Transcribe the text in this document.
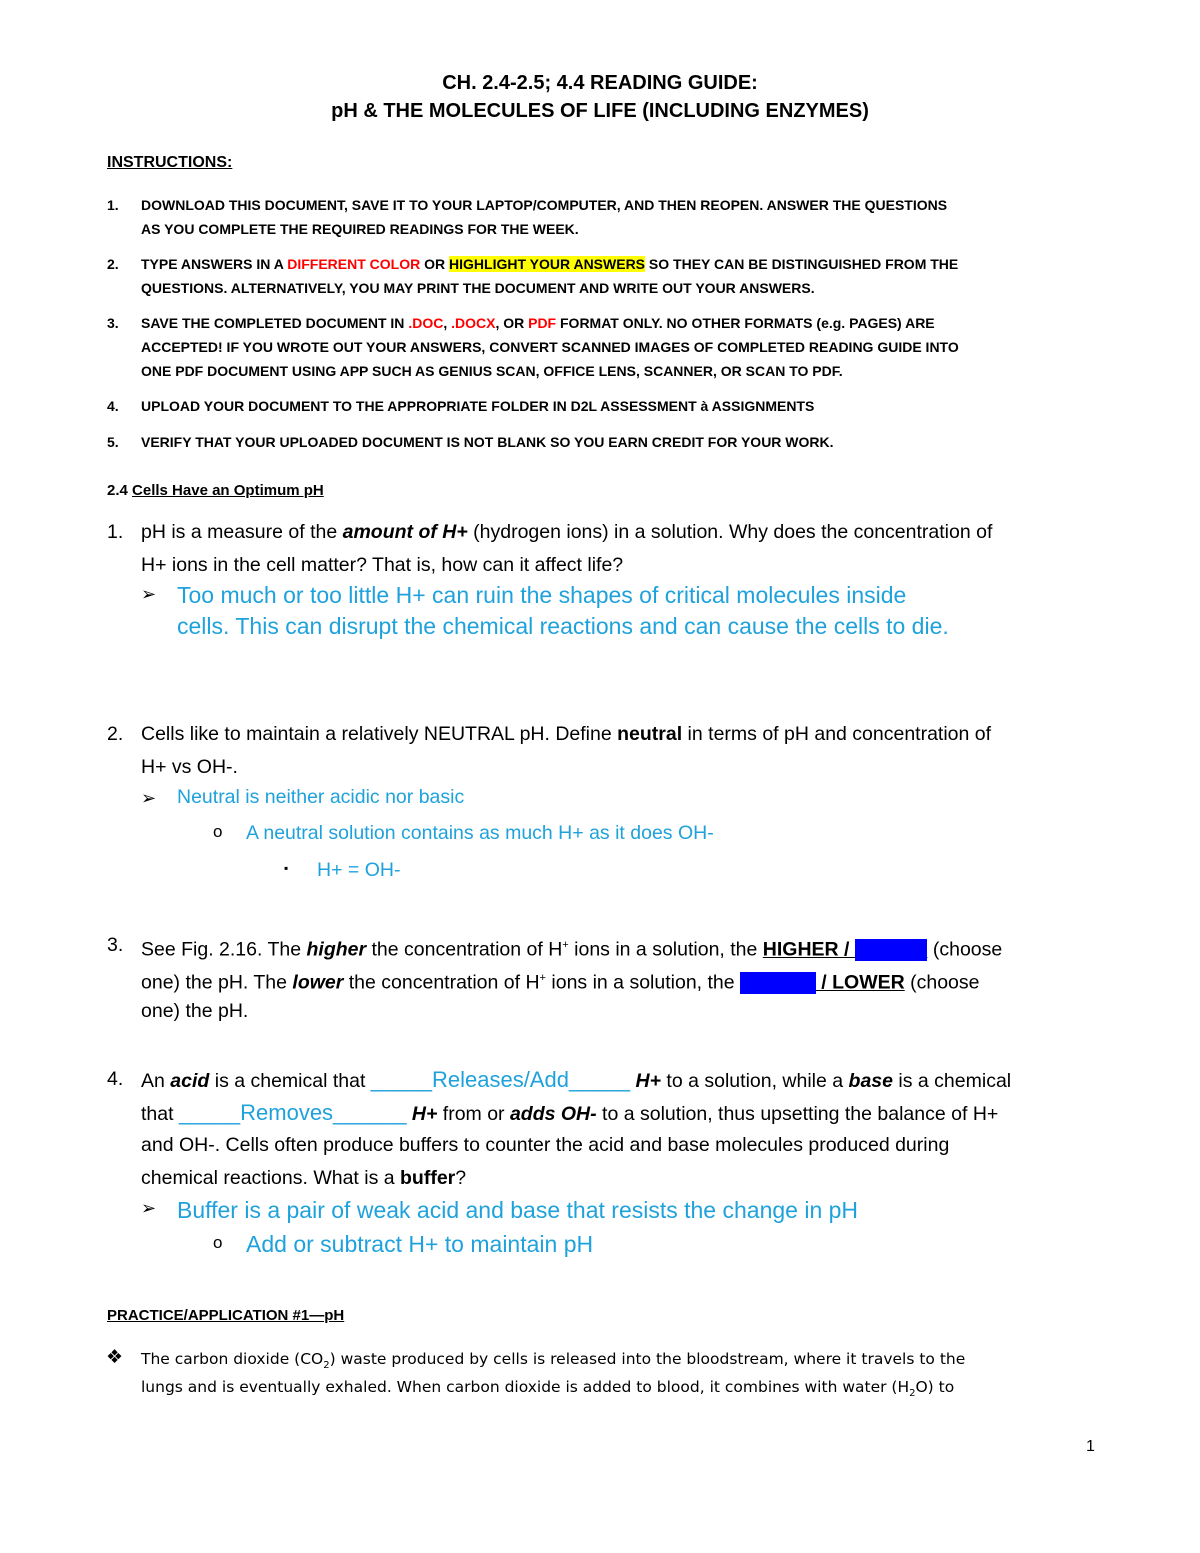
CH. 2.4-2.5; 4.4 READING GUIDE:
pH & THE MOLECULES OF LIFE (INCLUDING ENZYMES)
INSTRUCTIONS:
1. DOWNLOAD THIS DOCUMENT, SAVE IT TO YOUR LAPTOP/COMPUTER, AND THEN REOPEN. ANSWER THE QUESTIONS
AS YOU COMPLETE THE REQUIRED READINGS FOR THE WEEK.
2. TYPE ANSWERS IN A DIFFERENT COLOR OR HIGHLIGHT YOUR ANSWERS SO THEY CAN BE DISTINGUISHED FROM THE
QUESTIONS. ALTERNATIVELY, YOU MAY PRINT THE DOCUMENT AND WRITE OUT YOUR ANSWERS.
3. SAVE THE COMPLETED DOCUMENT IN .DOC, .DOCX, OR PDF FORMAT ONLY. NO OTHER FORMATS (e.g. PAGES) ARE
ACCEPTED! IF YOU WROTE OUT YOUR ANSWERS, CONVERT SCANNED IMAGES OF COMPLETED READING GUIDE INTO
ONE PDF DOCUMENT USING APP SUCH AS GENIUS SCAN, OFFICE LENS, SCANNER, OR SCAN TO PDF.
4. UPLOAD YOUR DOCUMENT TO THE APPROPRIATE FOLDER IN D2L ASSESSMENT à ASSIGNMENTS
5. VERIFY THAT YOUR UPLOADED DOCUMENT IS NOT BLANK SO YOU EARN CREDIT FOR YOUR WORK.
2.4 Cells Have an Optimum pH
1. pH is a measure of the amount of H+ (hydrogen ions) in a solution. Why does the concentration of
H+ ions in the cell matter? That is, how can it affect life?
➢ Too much or too little H+ can ruin the shapes of critical molecules inside
cells. This can disrupt the chemical reactions and can cause the cells to die.
2. Cells like to maintain a relatively NEUTRAL pH. Define neutral in terms of pH and concentration of
H+ vs OH-.
➢ Neutral is neither acidic nor basic
o A neutral solution contains as much H+ as it does OH-
▪ H+ = OH-
3. See Fig. 2.16. The higher the concentration of H+ ions in a solution, the HIGHER / LOWER (choose
one) the pH. The lower the concentration of H+ ions in a solution, the HIGHER / LOWER (choose
one) the pH.
4. An acid is a chemical that _____Releases/Add_____ H+ to a solution, while a base is a chemical
that _____Removes______ H+ from or adds OH- to a solution, thus upsetting the balance of H+
and OH-. Cells often produce buffers to counter the acid and base molecules produced during
chemical reactions. What is a buffer?
➢ Buffer is a pair of weak acid and base that resists the change in pH
o Add or subtract H+ to maintain pH
PRACTICE/APPLICATION #1—pH
❖ The carbon dioxide $(CO_2)$ waste produced by cells is released into the bloodstream, where it travels to the
lungs and is eventually exhaled. When carbon dioxide is added to blood, it combines with water $(H_2O)$ to
1
